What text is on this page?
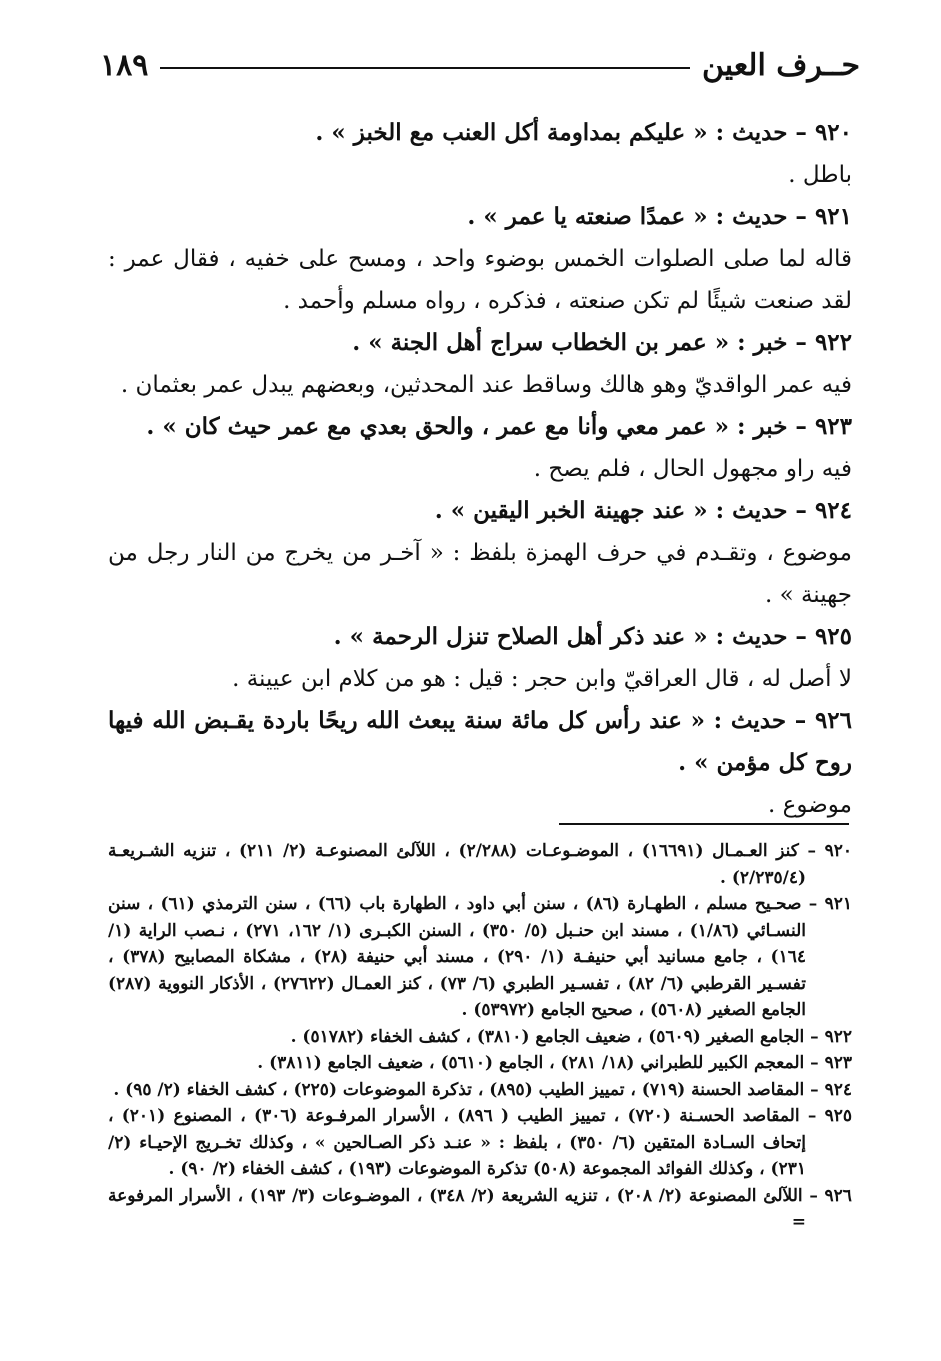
حــرف العين
١٨٩

٩٢٠ – حديث : « عليكم بمداومة أكل العنب مع الخبز » .

باطل .

٩٢١ – حديث : « عمدًا صنعته يا عمر » .

قاله لما صلى الصلوات الخمس بوضوء واحد ، ومسح على خفيه ، فقال عمر : لقد صنعت شيئًا لم تكن صنعته ، فذكره ، رواه مسلم وأحمد .

٩٢٢ – خبر : « عمر بن الخطاب سراج أهل الجنة » .

فيه عمر الواقديّ وهو هالك وساقط عند المحدثين، وبعضهم يبدل عمر بعثمان .

٩٢٣ – خبر : « عمر معي وأنا مع عمر ، والحق بعدي مع عمر حيث كان » .

فيه راو مجهول الحال ، فلم يصح .

٩٢٤ – حديث : « عند جهينة الخبر اليقين » .

موضوع ، وتقـدم في حرف الهمزة بلفظ : « آخـر من يخرج من النار رجل من جهينة » .

٩٢٥ – حديث : « عند ذكر أهل الصلاح تنزل الرحمة » .

لا أصل له ، قال العراقيّ وابن حجر : قيل : هو من كلام ابن عيينة .

٩٢٦ – حديث : « عند رأس كل مائة سنة يبعث الله ريحًا باردة يقـبض الله فيها روح كل مؤمن » .

موضوع .

٩٢٠ – كنز العـمـال (١٦٦٩١) ، الموضـوعـات (٢/٢٨٨) ، اللآلئ المصنوعـة (٢/ ٢١١) ، تنزيه الشـريعـة (٢/٢٣٥/٤) .

٩٢١ – صحـيح مسلم ، الطهـارة (٨٦) ، سنن أبي داود ، الطهارة باب (٦٦) ، سنن الترمذي (٦١) ، سنن النسـائي (١/٨٦) ، مسند ابن حنـبل (٥/ ٣٥٠) ، السنن الكبـرى (١/ ١٦٢، ٢٧١) ، نـصب الراية (١/ ١٦٤) ، جامع مسانيد أبي حنيفـة (١/ ٢٩٠) ، مسند أبي حنيفة (٢٨) ، مشكاة المصابيح (٣٧٨) ، تفسـير القرطبي (٦/ ٨٢) ، تفسـير الطبري (٦/ ٧٣) ، كنز العمـال (٢٧٦٢٢) ، الأذكار النووية (٢٨٧) الجامع الصغير (٥٦٠٨) ، صحيح الجامع (٥٣٩٧٢) .

٩٢٢ – الجامع الصغير (٥٦٠٩) ، ضعيف الجامع (٣٨١٠) ، كشف الخفاء (٥١٧٨٢) .

٩٢٣ – المعجم الكبير للطبراني (١٨/ ٢٨١) ، الجامع (٥٦١٠) ، ضعيف الجامع (٣٨١١) .

٩٢٤ – المقاصد الحسنة (٧١٩) ، تمييز الطيب (٨٩٥) ، تذكرة الموضوعات (٢٢٥) ، كشف الخفاء (٢/ ٩٥) .

٩٢٥ – المقاصد الحسـنة (٧٢٠) ، تمييز الطيب ( ٨٩٦) ، الأسرار المرفـوعة (٣٠٦) ، المصنوع (٢٠١) ، إتحاف السـادة المتقين (٦/ ٣٥٠) ، بلفظ : « عنـد ذكر الصـالحين » ، وكذلك تخـريج الإحيـاء (٢/ ٢٣١) ، وكذلك الفوائد المجموعة (٥٠٨) تذكرة الموضوعات (١٩٣) ، كشف الخفاء (٢/ ٩٠) .

٩٢٦ – اللآلئ المصنوعة (٢/ ٢٠٨) ، تنزيه الشريعة (٢/ ٣٤٨) ، الموضـوعات (٣/ ١٩٣) ، الأسرار المرفوعة =
